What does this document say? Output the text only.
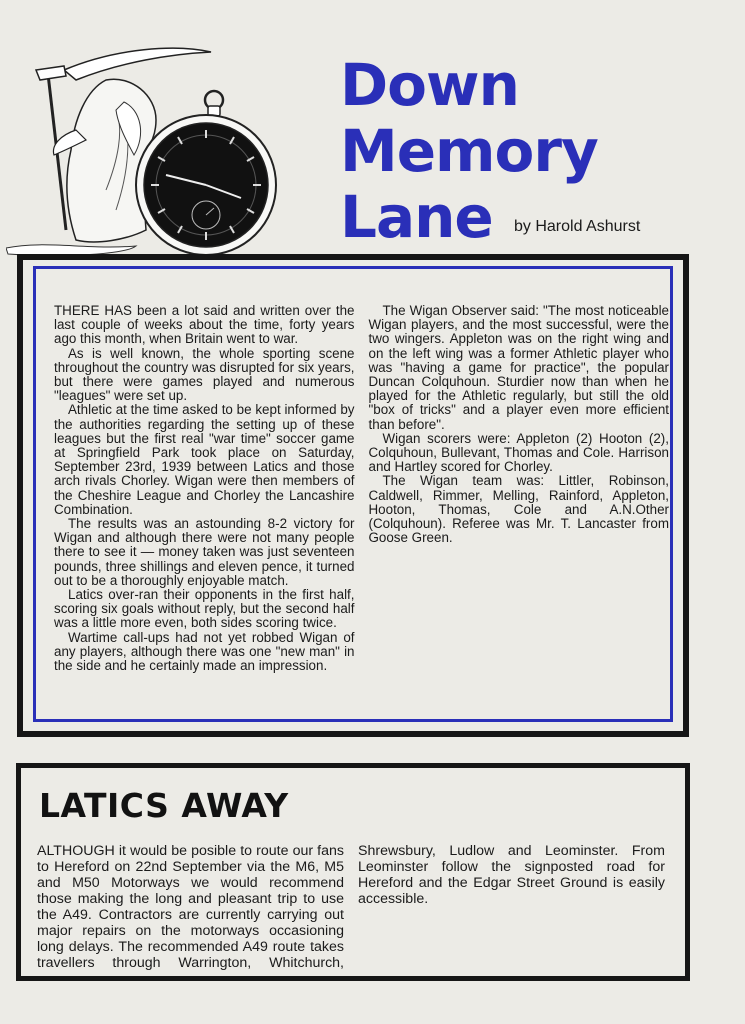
Down
Memory
Lane	by Harold Ashurst

THERE HAS been a lot said and written over the last couple of weeks about the time, forty years ago this month, when Britain went to war.

As is well known, the whole sporting scene throughout the country was disrupted for six years, but there were games played and numerous "leagues" were set up.

Athletic at the time asked to be kept informed by the authorities regarding the setting up of these leagues but the first real "war time" soccer game at Springfield Park took place on Saturday, September 23rd, 1939 between Latics and those arch rivals Chorley. Wigan were then members of the Cheshire League and Chorley the Lancashire Combination.

The results was an astounding 8-2 victory for Wigan and although there were not many people there to see it — money taken was just seventeen pounds, three shillings and eleven pence, it turned out to be a thoroughly enjoyable match.

Latics over-ran their opponents in the first half, scoring six goals without reply, but the second half was a little more even, both sides scoring twice.

Wartime call-ups had not yet robbed Wigan of any players, although there was one "new man" in the side and he certainly made an impression.

The Wigan Observer said: "The most noticeable Wigan players, and the most successful, were the two wingers. Appleton was on the right wing and on the left wing was a former Athletic player who was "having a game for practice", the popular Duncan Colquhoun. Sturdier now than when he played for the Athletic regularly, but still the old "box of tricks" and a player even more efficient than before".

Wigan scorers were: Appleton (2) Hooton (2), Colquhoun, Bullevant, Thomas and Cole. Harrison and Hartley scored for Chorley.

The Wigan team was: Littler, Robinson, Caldwell, Rimmer, Melling, Rainford, Appleton, Hooton, Thomas, Cole and A.N.Other (Colquhoun). Referee was Mr. T. Lancaster from Goose Green.

LATICS AWAY

ALTHOUGH it would be posible to route our fans to Hereford on 22nd September via the M6, M5 and M50 Motorways we would recommend those making the long and pleasant trip to use the A49. Contractors are currently carrying out major repairs on the motorways occasioning long delays. The recommended A49 route takes travellers through Warrington, Whitchurch, Shrewsbury, Ludlow and Leominster. From Leominster follow the signposted road for Hereford and the Edgar Street Ground is easily accessible.
